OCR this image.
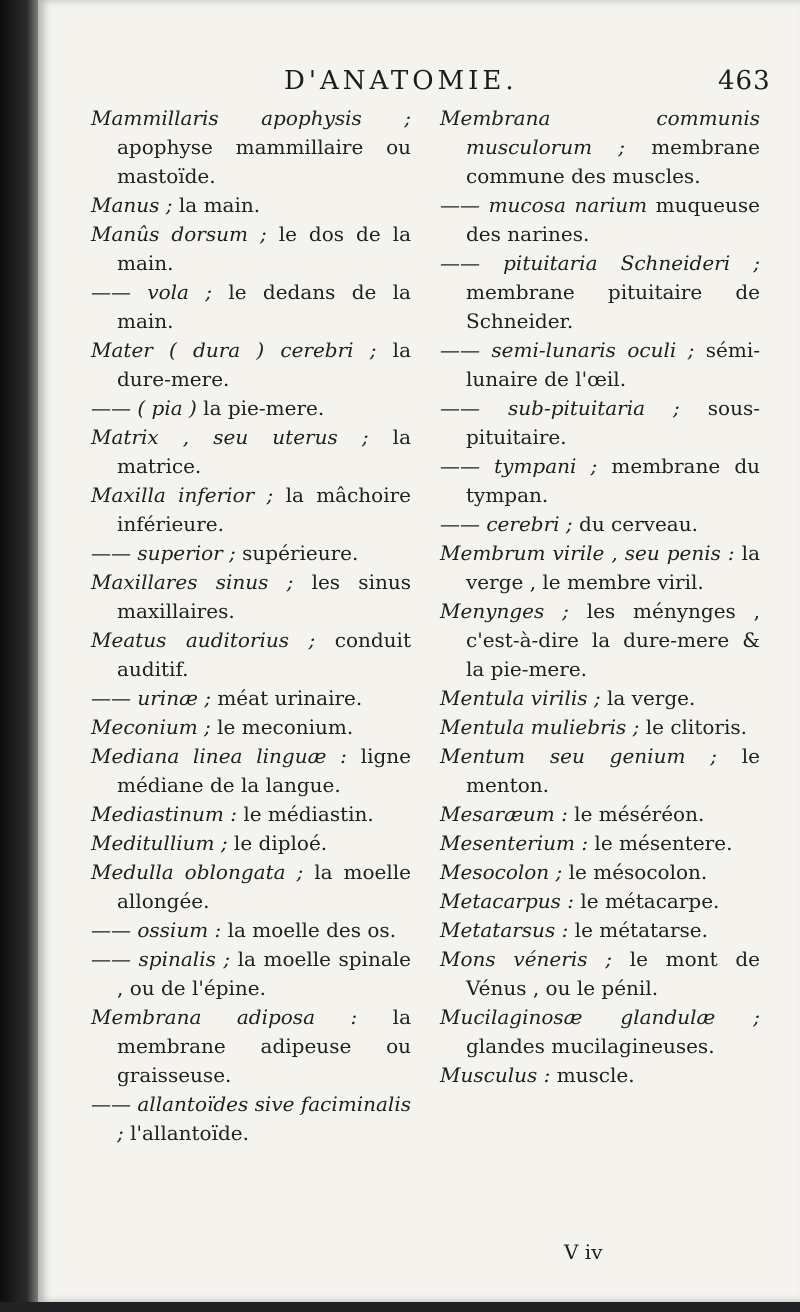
D'ANATOMIE.	463
Mammillaris apophysis ; apophyse mammillaire ou mastoïde.
Manus ; la main.
Manûs dorsum ; le dos de la main.
—— vola ; le dedans de la main.
Mater ( dura ) cerebri ; la dure-mere.
—— ( pia ) la pie-mere.
Matrix , seu uterus ; la matrice.
Maxilla inferior ; la mâchoire inférieure.
—— superior ; supérieure.
Maxillares sinus ; les sinus maxillaires.
Meatus auditorius ; conduit auditif.
—— urinæ ; méat urinaire.
Meconium ; le meconium.
Mediana linea linguæ : ligne médiane de la langue.
Mediastinum : le médiastin.
Meditullium ; le diploé.
Medulla oblongata ; la moelle allongée.
—— ossium : la moelle des os.
—— spinalis ; la moelle spinale , ou de l'épine.
Membrana adiposa : la membrane adipeuse ou graisseuse.
—— allantoïdes sive faciminalis ; l'allantoïde.
Membrana communis musculorum ; membrane commune des muscles.
—— mucosa narium muqueuse des narines.
—— pituitaria Schneideri ; membrane pituitaire de Schneider.
—— semi-lunaris oculi ; sémi-lunaire de l'œil.
—— sub-pituitaria ; sous-pituitaire.
—— tympani ; membrane du tympan.
—— cerebri ; du cerveau.
Membrum virile , seu penis : la verge , le membre viril.
Menynges ; les ménynges , c'est-à-dire la dure-mere & la pie-mere.
Mentula virilis ; la verge.
Mentula muliebris ; le clitoris.
Mentum seu genium ; le menton.
Mesaræum : le méséréon.
Mesenterium : le mésentere.
Mesocolon ; le mésocolon.
Metacarpus : le métacarpe.
Metatarsus : le métatarse.
Mons véneris ; le mont de Vénus , ou le pénil.
Mucilaginosæ glandulæ ; glandes mucilagineuses.
Musculus : muscle.
V iv
